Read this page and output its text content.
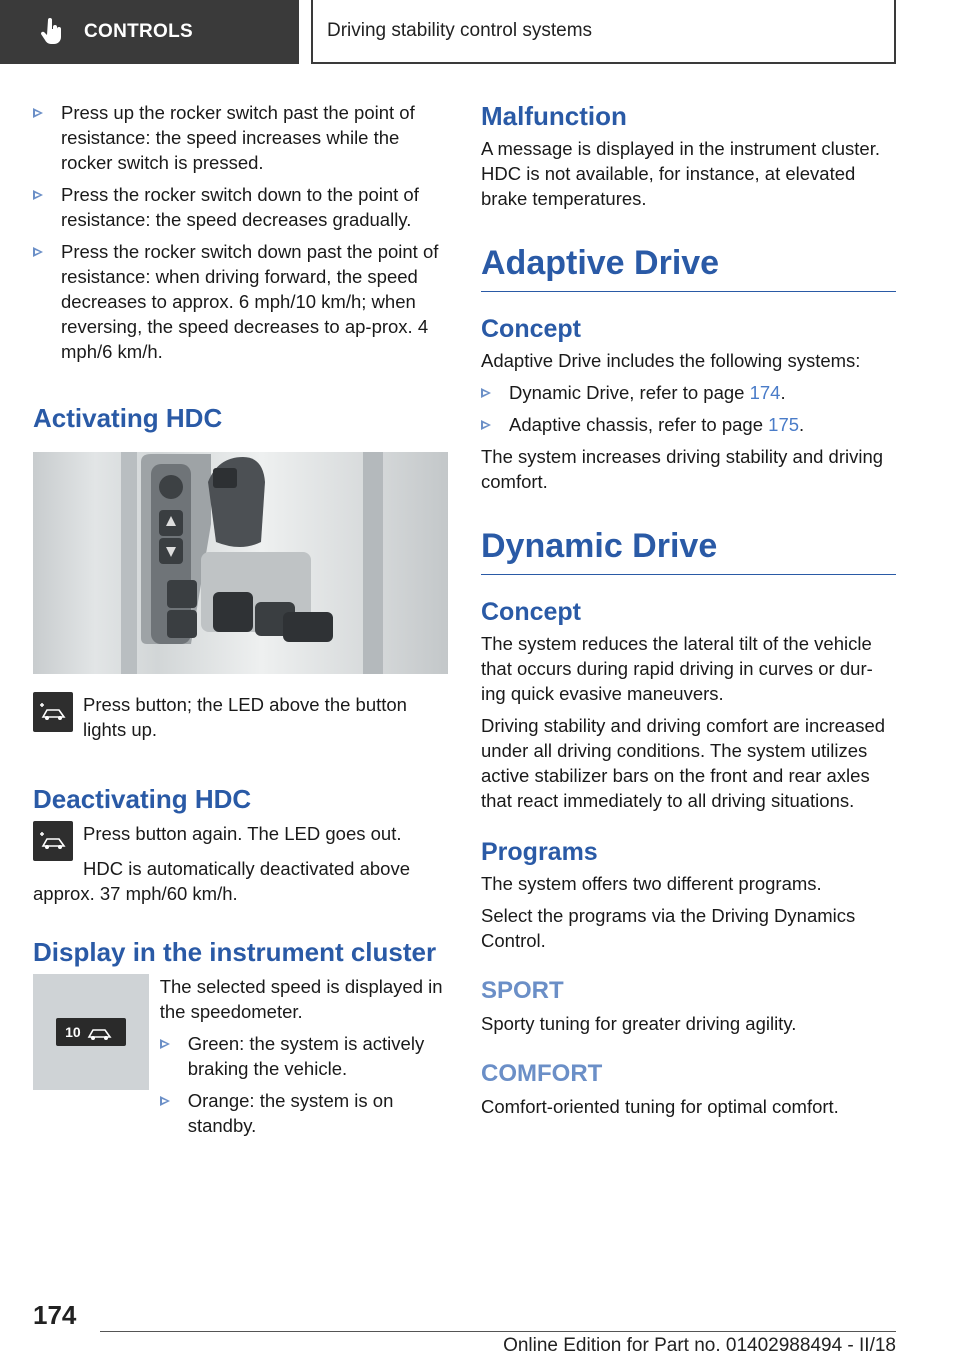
CONTROLS	Driving stability control systems
Press up the rocker switch past the point of resistance: the speed increases while the rocker switch is pressed.
Press the rocker switch down to the point of resistance: the speed decreases gradually.
Press the rocker switch down past the point of resistance: when driving forward, the speed decreases to approx. 6 mph/10 km/h; when reversing, the speed decreases to ap‐prox. 4 mph/6 km/h.
Activating HDC
Press button; the LED above the button lights up.
Deactivating HDC
Press button again. The LED goes out.
HDC is automatically deactivated above approx. 37 mph/60 km/h.
Display in the instrument cluster
10
The selected speed is displayed in the speedometer.
Green: the system is actively braking the vehicle.
Orange: the system is on standby.
Malfunction
A message is displayed in the instrument cluster. HDC is not available, for instance, at elevated brake temperatures.
Adaptive Drive
Concept
Adaptive Drive includes the following systems:
Dynamic Drive, refer to page 174.
Adaptive chassis, refer to page 175.
The system increases driving stability and driving comfort.
Dynamic Drive
Concept
The system reduces the lateral tilt of the vehicle that occurs during rapid driving in curves or dur‐ing quick evasive maneuvers.
Driving stability and driving comfort are increased under all driving conditions. The system utilizes active stabilizer bars on the front and rear axles that react immediately to all driving situations.
Programs
The system offers two different programs.
Select the programs via the Driving Dynamics Control.
SPORT
Sporty tuning for greater driving agility.
COMFORT
Comfort-oriented tuning for optimal comfort.
174
Online Edition for Part no. 01402988494 - II/18
